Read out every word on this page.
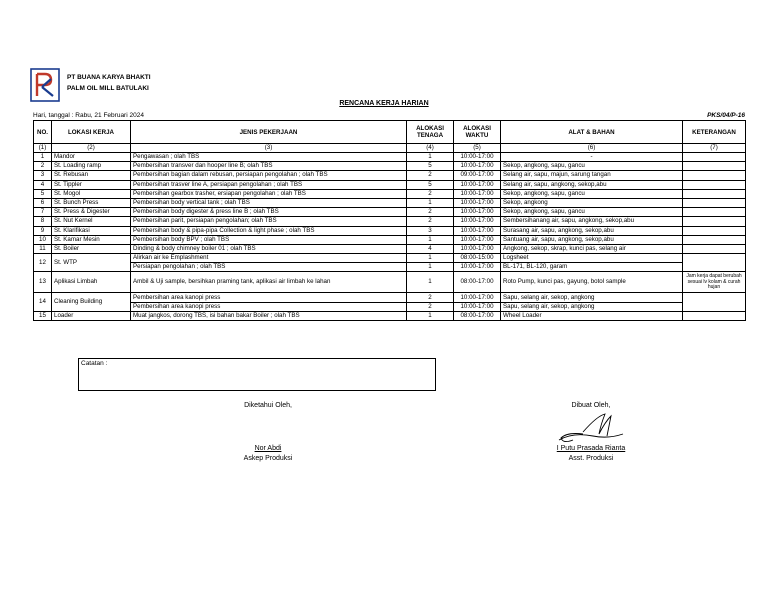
PT BUANA KARYA BHAKTI
PALM OIL MILL BATULAKI
RENCANA KERJA HARIAN
Hari, tanggal : Rabu, 21 Februari 2024	PKS/04/P-16
NO.	LOKASI KERJA	JENIS PEKERJAAN	ALOKASI TENAGA	ALOKASI WAKTU	ALAT & BAHAN	KETERANGAN
(1)	(2)	(3)	(4)	(5)	(6)	(7)
1	Mandor	Pengawasan ; olah TBS	1	10:00-17:00	-	
2	St. Loading ramp	Pembersihan transver dan hooper line B; olah TBS	5	10:00-17:00	Sekop, angkong, sapu, gancu	
3	St. Rebusan	Pembersihan bagian dalam rebusan, persiapan pengolahan ; olah TBS	2	09:00-17:00	Selang air, sapu, majun, sarung tangan	
4	St. Tippler	Pembersihan trasver line A, persiapan pengolahan ; olah TBS	5	10:00-17:00	Selang air, sapu, angkong, sekop,abu	
5	St. Mogol	Pembersihan gearbox trasher, ersiapan pengolahan ; olah TBS	2	10:00-17:00	Sekop, angkong, sapu, gancu	
6	St. Bunch Press	Pembersihan body vertical tank ; olah TBS	1	10:00-17:00	Sekop, angkong	
7	St. Press & Digester	Pembersihan body digester & press line B ; olah TBS	2	10:00-17:00	Sekop, angkong, sapu, gancu	
8	St. Nut Kernel	Pembersihan parit, persiapan pengolahan; olah TBS	2	10:00-17:00	Sembersihanang air, sapu, angkong, sekop,abu	
9	St. Klarifikasi	Pembersihan body & pipa-pipa Collection & light phase ; olah TBS	3	10:00-17:00	Surasang air, sapu, angkong, sekop,abu	
10	St. Kamar Mesin	Pembersihan body BPV ; olah TBS	1	10:00-17:00	Santuang air, sapu, angkong, sekop,abu	
11	St. Boiler	Dinding & body chimney boiler 01 ; olah TBS	4	10:00-17:00	Angkong, sekop, skrap, kunci pas, selang air	
12	St. WTP	Alirkan air ke Emplashment	1	08:00-15:00	Logsheet	
		Persiapan pengolahan ; olah TBS	1	10:00-17:00	BL-171, BL-120, garam	
13	Aplikasi Limbah	Ambil & Uji sample, bersihkan praming tank, aplikasi air limbah ke lahan	1	08:00-17:00	Roto Pump, kunci pas, gayung, botol sample	Jam kerja dapat berubah sesuai lv kolam & curah hujan
14	Cleaning Building	Pembersihan area kanopi press	2	10:00-17:00	Sapu, selang air, sekop, angkong	
		Pembersihan area kanopi press	2	10:00-17:00	Sapu, selang air, sekop, angkong	
15	Loader	Muat jangkos, dorong TBS, isi bahan bakar Boiler ; olah TBS	1	08:00-17:00	Wheel Loader	
Catatan :
Diketahui Oleh,
Nor Abdi
Askep Produksi
Dibuat Oleh,
I Putu Prasada Rianta
Asst. Produksi
